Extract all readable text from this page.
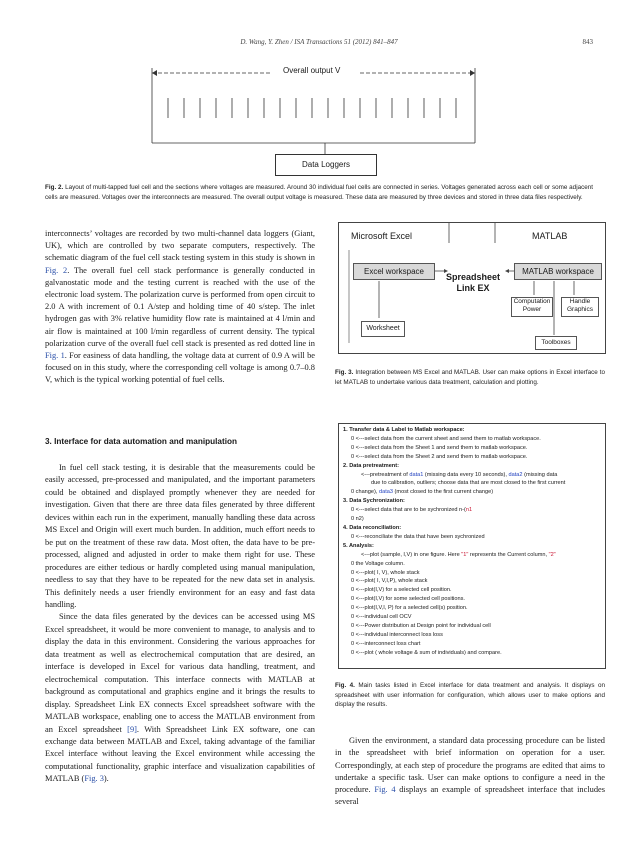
D. Wang, Y. Zhen / ISA Transactions 51 (2012) 841–847	843
Overall output V
Data Loggers
Fig. 2. Layout of multi-tapped fuel cell and the sections where voltages are measured. Around 30 individual fuel cells are connected in series. Voltages generated across each cell or some adjacent cells are measured. Voltages over the interconnects are measured. The overall output voltage is measured. These data are measured by three devices and stored in three data files respectively.

interconnects’ voltages are recorded by two multi-channel data loggers (Giant, UK), which are controlled by two separate computers, respectively. The schematic diagram of the fuel cell stack testing system in this study is shown in Fig. 2. The overall fuel cell stack performance is generally conducted in galvanostatic mode and the testing current is reached with the use of the electronic load system. The polarization curve is performed from open circuit to 2.0 A with increment of 0.1 A/step and holding time of 40 s/step. The inlet hydrogen gas with 3% relative humidity flow rate is maintained at 4 l/min and air flow is maintained at 100 l/min regardless of current density. The typical polarization curve of the overall fuel cell stack is presented as red dotted line in Fig. 1. For easiness of data handling, the voltage data at current of 0.9 A will be focused on in this study, where the corresponding cell voltage is among 0.7–0.8 V, which is the typical working potential of fuel cells.

3. Interface for data automation and manipulation

In fuel cell stack testing, it is desirable that the measurements could be easily accessed, pre-processed and manipulated, and the important parameters could be obtained and displayed promptly whenever they are needed for investigation. Given that there are three data files generated by three different devices within each run in the experiment, manually handling these data across MS Excel and Origin will exert much burden. In addition, much effort needs to be put on the treatment of these raw data. Most often, the data have to be pre-processed, aligned and adjusted in order to make them right for use. These procedures are either tedious or hardly completed using manual manipulation, needless to say that they have to be repeated for the new data set in analysis. This definitely needs a user friendly environment for an easy and fast data handling.

Since the data files generated by the devices can be accessed using MS Excel spreadsheet, it would be more convenient to manage, to analysis and to display the data in this environment. Considering the various approaches for data treatment as well as electrochemical computation that are desired, an interface is developed in Excel for various data handling, treatment, and electrochemical computation. This interface connects with MATLAB at background as computational and graphics engine and it brings the results to display. Spreadsheet Link EX connects Excel spreadsheet software with the MATLAB workspace, enabling one to access the MATLAB environment from an Excel spreadsheet [9]. With Spreadsheet Link EX software, one can exchange data between MATLAB and Excel, taking advantage of the familiar Excel interface without leaving the Excel environment while accessing the computational functionality, graphic interface and visualization capabilities of MATLAB (Fig. 3).

Microsoft Excel	MATLAB
Excel workspace	MATLAB workspace
Spreadsheet
Link EX
Worksheet
Computation
Power
Handle
Graphics
Toolboxes
Fig. 3. Integration between MS Excel and MATLAB. User can make options in Excel interface to let MATLAB to undertake various data treatment, calculation and plotting.
1. Transfer data & Label to Matlab workspace:
0 <---select data from the current sheet and send them to matlab workspace.
0 <---select data from the Sheet 1 and send them to matlab workspace.
0 <---select data from the Sheet 2 and send them to matlab workspace.
2. Data pretreatment:
<---pretreatment of data1 (missing data every 10 seconds), data2 (missing data
due to calibration, outliers; choose data that are most closed to the first current
0 change), data3 (most closed to the first current change)
3. Data Sychronization:
0 <---select data that are to be sychronized n-(n1
0 n2)
4. Data reconciliation:
0 <---reconciliate the data that have been sychronized
5. Analysis:
<---plot (sample, I,V) in one figure. Here "1" represents the Current column, "2"
0 the Voltage column.
0 <---plot( I, V), whole stack
0 <---plot( I, V,I,P), whole stack
0 <---plot(I,V) for a selected cell position.
0 <---plot(I,V) for some selected cell positions.
0 <---plot(I,V,I, P) for a selected cell(s) position.
0 <---individual cell OCV
0 <---Power distribution at Design point for individual cell
0 <---individual interconnect loss loss
0 <---interconnect loss chart
0 <---plot ( whole voltage & sum of individuals) and compare.
Fig. 4. Main tasks listed in Excel interface for data treatment and analysis. It displays on spreadsheet with user information for configuration, which allows user to make options and display the results.

Given the environment, a standard data processing procedure can be listed in the spreadsheet with brief information on operation for a user. Correspondingly, at each step of procedure the programs are edited that aims to undertake a specific task. User can make options to configure a need in the procedure. Fig. 4 displays an example of spreadsheet interface that includes several
